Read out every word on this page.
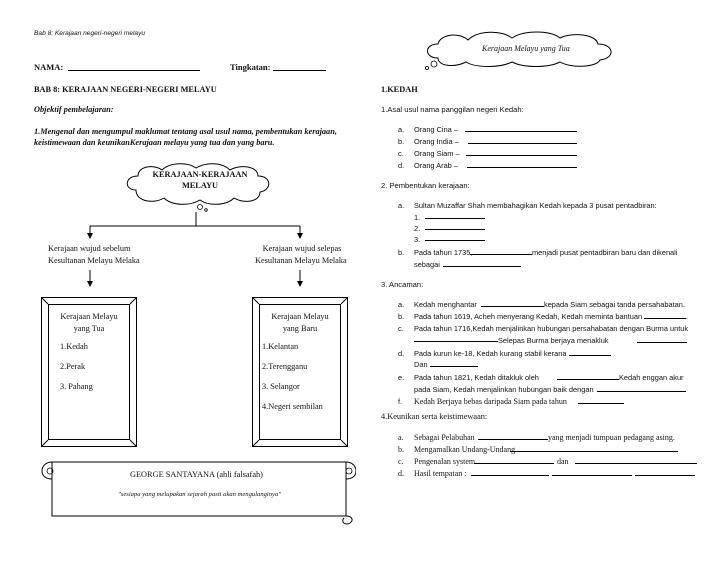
Bab 8: Kerajaan negeri-negeri melayu
Kerajaan Melayu yang Tua
NAMA:	Tingkatan:
BAB 8: KERAJAAN NEGERI-NEGERI MELAYU
Objektif pembelajaran:
1.Mengenal dan mengumpul maklumat tentang asal usul nama, pembentukan kerajaan,
keistimewaan dan keunikanKerajaan melayu yang tua dan yang baru.
KERAJAAN-KERAJAAN
MELAYU
Kerajaan wujud sebelum
Kesultanan Melayu Melaka
Kerajaan wujud selepas
Kesultanan Melayu Melaka
Kerajaan Melayu
yang Tua
1.Kedah
2.Perak
3. Pahang
Kerajaan Melayu
yang Baru
1.Kelantan
2.Terengganu
3. Selangor
4.Negeri sembilan
GEORGE SANTAYANA (ahli falsafah)
"sesiapa yang melupakan sejarah pasti akan mengulanginya"
1.KEDAH
1.Asal usul nama panggilan negeri Kedah:
a. Orang Cina –
b. Orang India –
c. Orang Siam –
d. Orang Arab –
2. Pembentukan kerajaan:
a. Sultan Muzaffar Shah membahagikan Kedah kepada 3 pusat pentadbiran:
1.
2.
3.
b. Pada tahun 1735,	menjadi pusat pentadbiran baru dan dikenali
sebagai
3. Ancaman:
a. Kedah menghantar	kepada Siam sebagai tanda persahabatan.
b. Pada tahun 1619, Acheh menyerang Kedah, Kedah meminta bantuan	.
c. Pada tahun 1716,Kedah menjalinkan hubungan persahabatan dengan Burma untuk
Selepas Burma berjaya menakluk
d. Pada kurun ke-18, Kedah kurang stabil kerana
Dan
e. Pada tahun 1821, Kedah ditakluk oleh	Kedah enggan akur
pada Siam, Kedah menjalinkan hubungan baik dengan
f. Kedah Berjaya bebas daripada Siam pada tahun
4.Keunikan serta keistimewaan:
a. Sebagai Pelabuhan	yang menjadi tumpuan pedagang asing.
b. Mengamalkan Undang-Undang
c. Pengenalan system	dan
d. Hasil tempatan :
